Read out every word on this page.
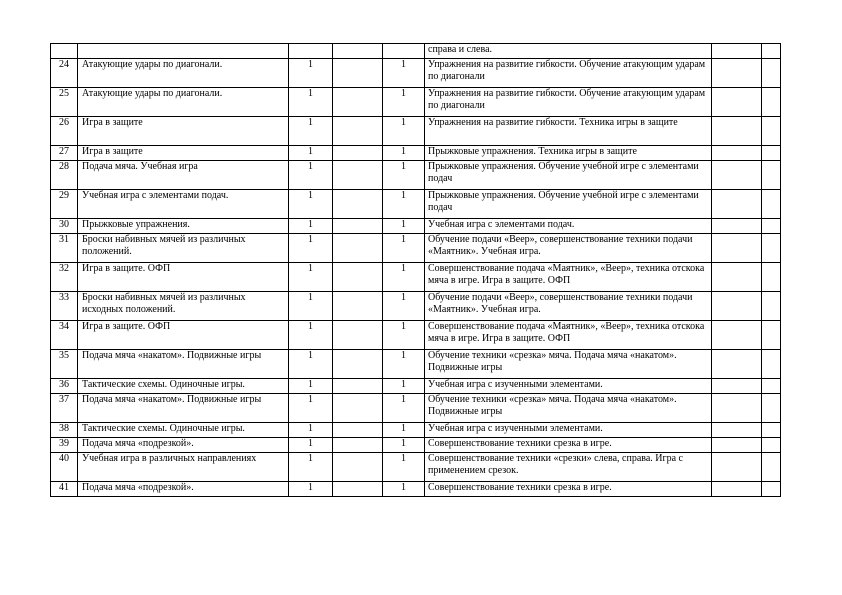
					справа и слева.		
24	Атакующие удары по диагонали.	1		1	Упражнения на развитие гибкости. Обучение атакующим ударам по диагонали		
25	Атакующие удары по диагонали.	1		1	Упражнения на развитие гибкости. Обучение атакующим ударам по диагонали		
26	Игра в защите	1		1	Упражнения на развитие гибкости. Техника игры в защите		
27	Игра в защите	1		1	Прыжковые упражнения. Техника игры в защите		
28	Подача мяча. Учебная игра	1		1	Прыжковые упражнения. Обучение учебной игре с элементами подач		
29	Учебная игра с элементами подач.	1		1	Прыжковые упражнения. Обучение учебной игре с элементами подач		
30	Прыжковые упражнения.	1		1	Учебная игра с элементами подач.		
31	Броски набивных мячей из различных положений.	1		1	Обучение подачи «Веер», совершенствование техники подачи «Маятник». Учебная игра.		
32	Игра в защите. ОФП	1		1	Совершенствование подача «Маятник», «Веер», техника отскока мяча в игре. Игра в защите. ОФП		
33	Броски набивных мячей из различных исходных положений.	1		1	Обучение подачи «Веер», совершенствование техники подачи «Маятник». Учебная игра.		
34	Игра в защите. ОФП	1		1	Совершенствование подача «Маятник», «Веер», техника отскока мяча в игре. Игра в защите. ОФП		
35	Подача мяча «накатом». Подвижные игры	1		1	Обучение техники «срезка» мяча. Подача мяча «накатом». Подвижные игры		
36	Тактические схемы. Одиночные игры.	1		1	Учебная игра с изученными элементами.		
37	Подача мяча «накатом». Подвижные игры	1		1	Обучение техники «срезка» мяча. Подача мяча «накатом». Подвижные игры		
38	Тактические схемы. Одиночные игры.	1		1	Учебная игра с изученными элементами.		
39	Подача мяча «подрезкой».	1		1	Совершенствование техники срезка в игре.		
40	Учебная игра в различных направлениях	1		1	Совершенствование техники «срезки» слева, справа. Игра с применением срезок.		
41	Подача мяча «подрезкой».	1		1	Совершенствование техники срезка в игре.		
